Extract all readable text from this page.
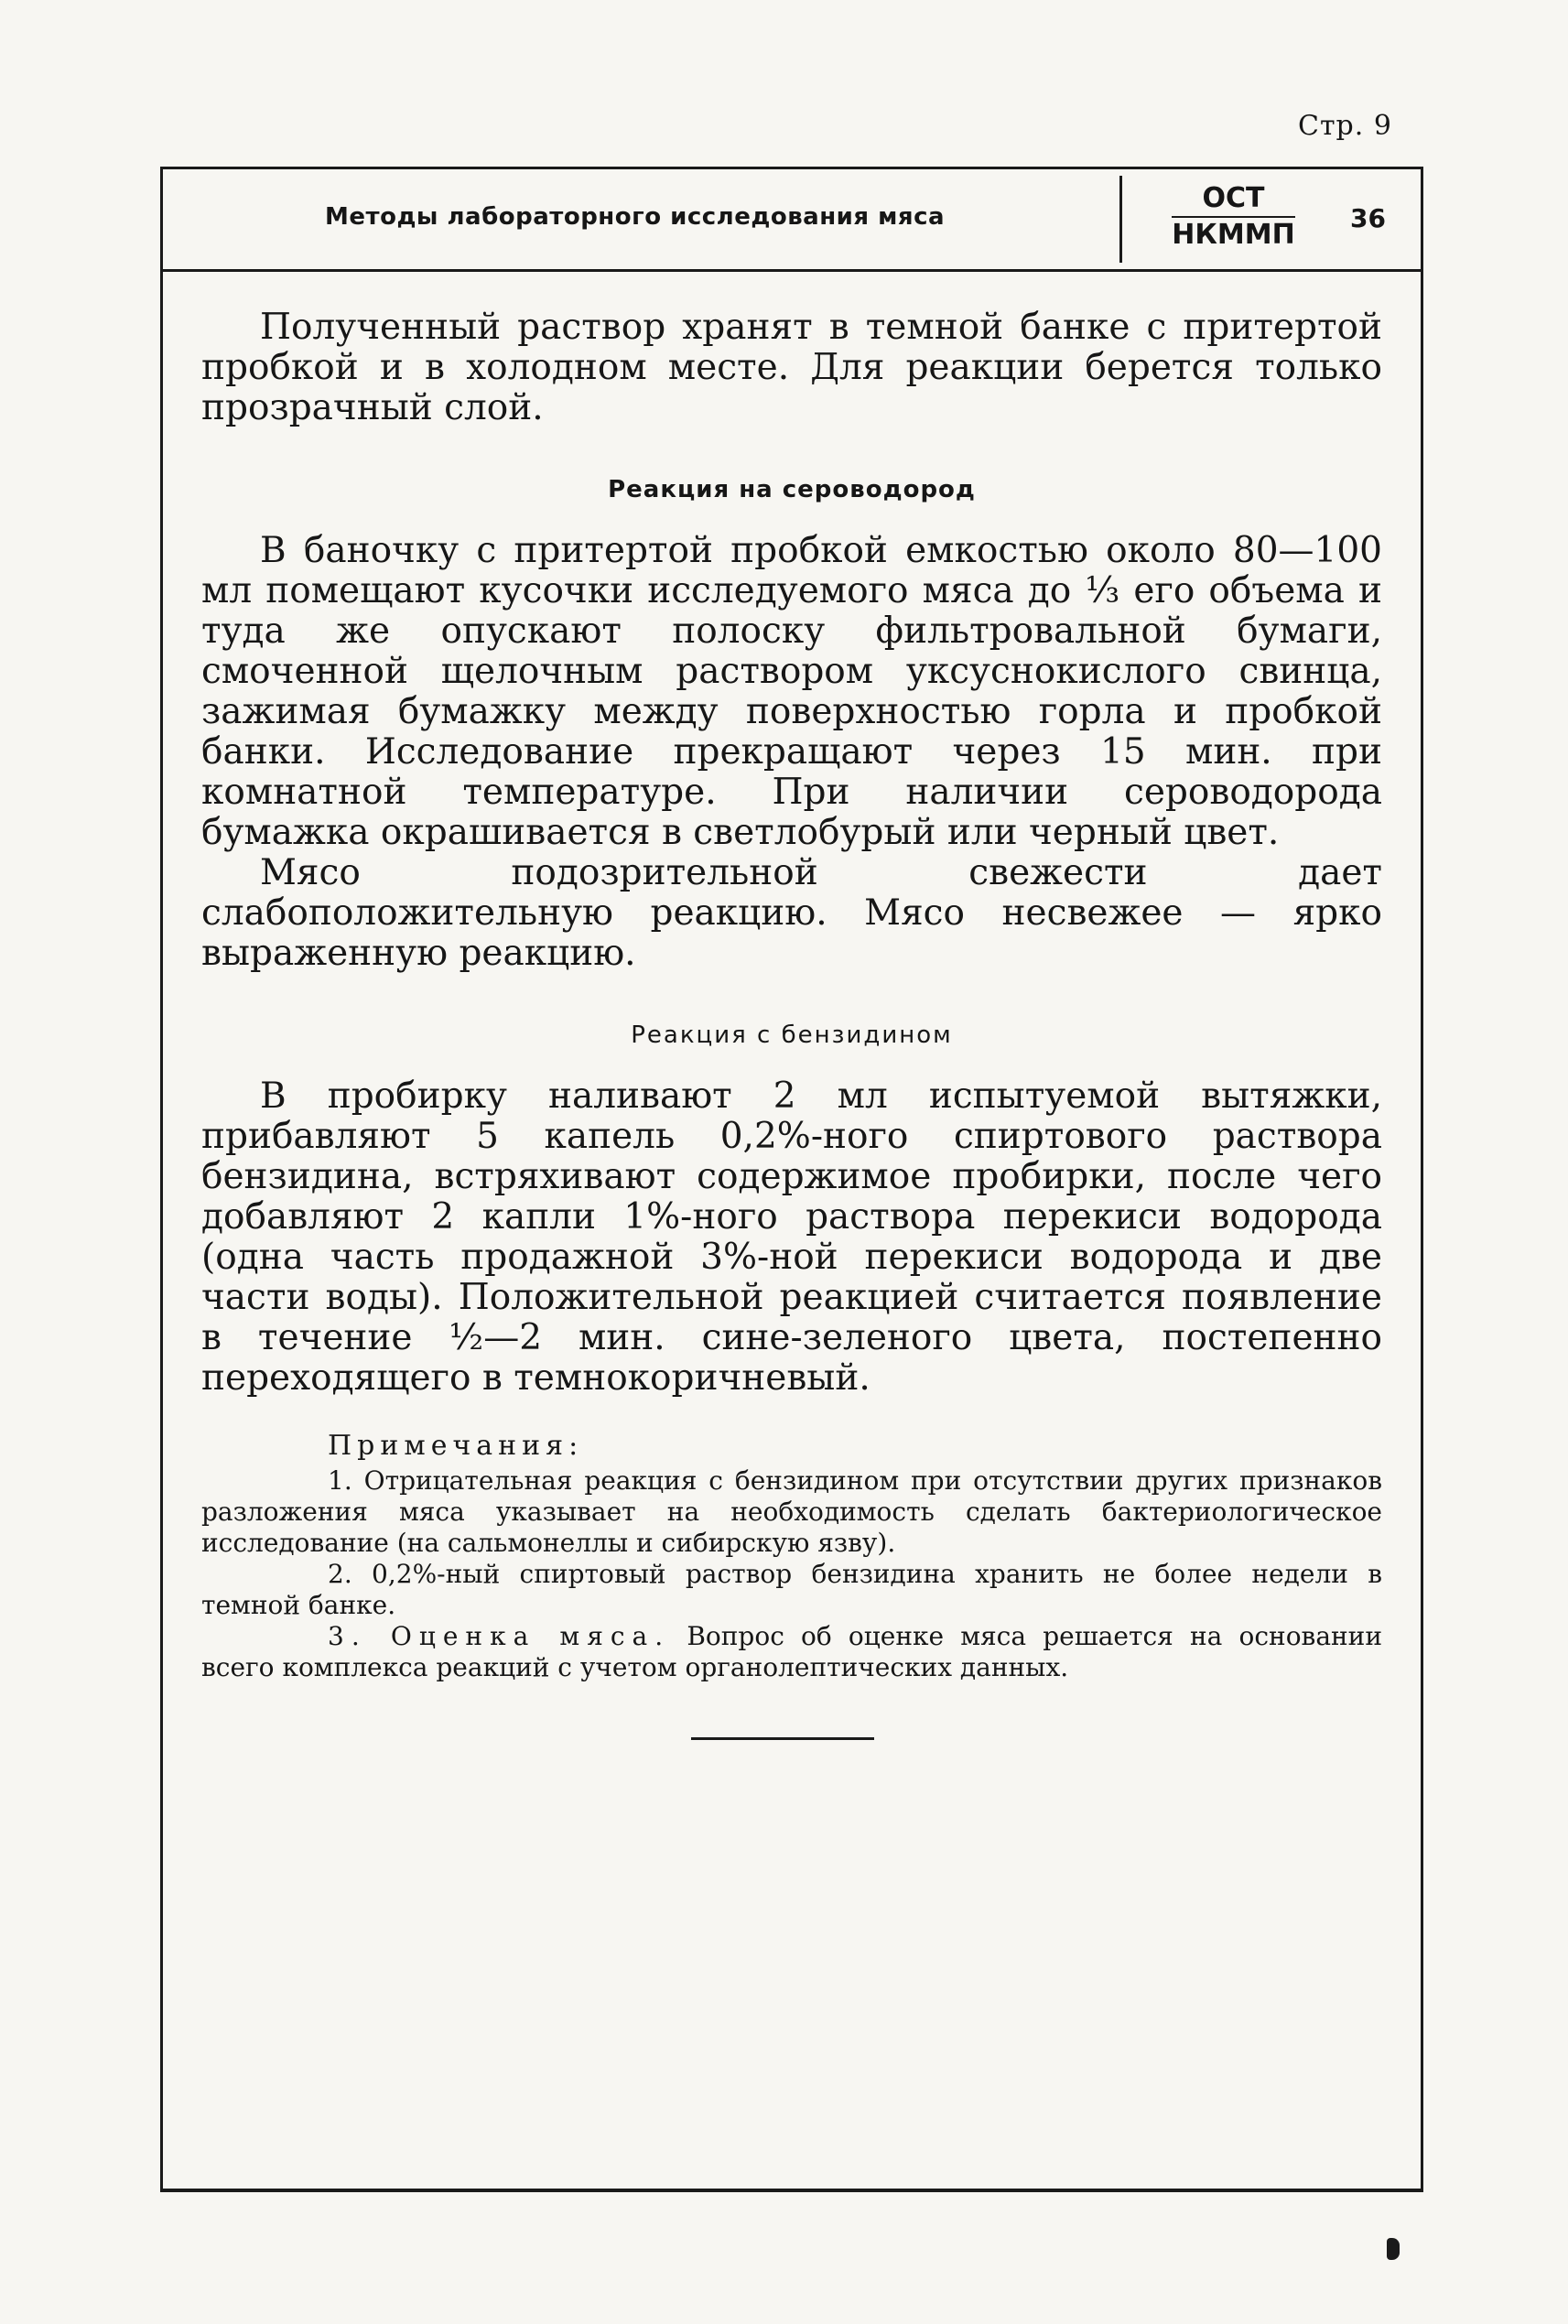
Стр. 9
Методы лабораторного исследования мяса
ОСТ
НКММП
36

Полученный раствор хранят в темной банке с притертой пробкой и в холодном месте. Для реакции берется только прозрачный слой.

Реакция на сероводород

В баночку с притертой пробкой емкостью около 80—100 мл помещают кусочки исследуемого мяса до ⅓ его объема и туда же опускают полоску фильтровальной бумаги, смоченной щелочным раствором уксуснокислого свинца, зажимая бумажку между поверхностью горла и пробкой банки. Исследование прекращают через 15 мин. при комнатной температуре. При наличии сероводорода бумажка окрашивается в светлобурый или черный цвет.

Мясо подозрительной свежести дает слабоположительную реакцию. Мясо несвежее — ярко выраженную реакцию.

Реакция с бензидином

В пробирку наливают 2 мл испытуемой вытяжки, прибавляют 5 капель 0,2%-ного спиртового раствора бензидина, встряхивают содержимое пробирки, после чего добавляют 2 капли 1%-ного раствора перекиси водорода (одна часть продажной 3%-ной перекиси водорода и две части воды). Положительной реакцией считается появление в течение ½—2 мин. сине-зеленого цвета, постепенно переходящего в темнокоричневый.

Примечания:

1. Отрицательная реакция с бензидином при отсутствии других признаков разложения мяса указывает на необходимость сделать бактериологическое исследование (на сальмонеллы и сибирскую язву).

2. 0,2%-ный спиртовый раствор бензидина хранить не более недели в темной банке.

3. Оценка мяса. Вопрос об оценке мяса решается на основании всего комплекса реакций с учетом органолептических данных.
